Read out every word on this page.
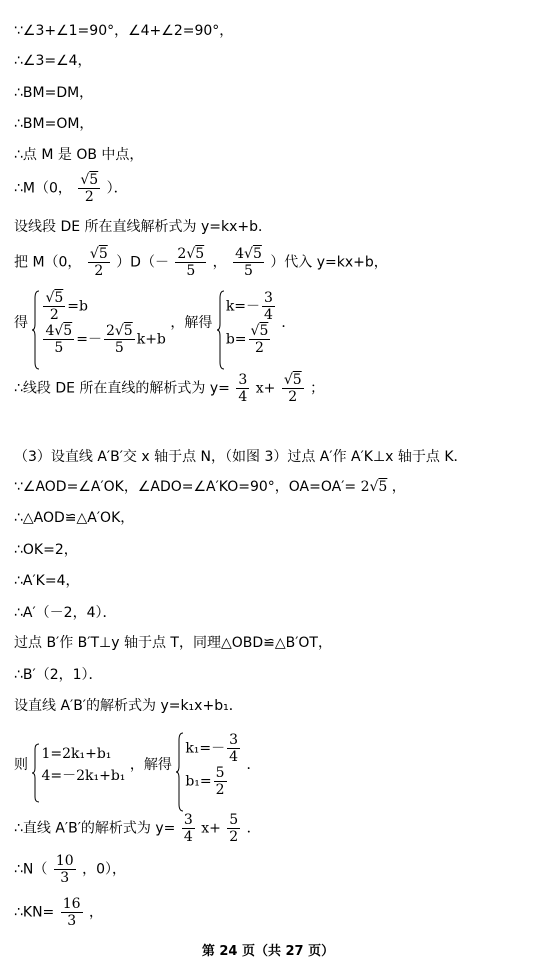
∵∠3+∠1=90°，∠4+∠2=90°，
∴∠3=∠4，
∴BM=DM，
∴BM=OM，
∴点 M 是 OB 中点，
∴M（0， $\frac{√5}{2}$ ）．
设线段 DE 所在直线解析式为 y=kx+b．
把 M（0， $\frac{√5}{2} )D(- \frac{2√5}{5}$ ， $\frac{4√5}{5}$ ）代入 y=kx+b，
得 $\frac{√5}{2} =b$
$\frac{4√5}{5} =- \frac{2√5}{5} k+b$
，解得
$k=- \frac{3}{4}$
$b= \frac{√5}{2}$ ．
∴线段 DE 所在直线的解析式为 $y= \frac{3}{4} x+ \frac{√5}{2}$ ；
（3）设直线 A′B′交 x 轴于点 N，（如图 3）过点 A′作 A′K⊥x 轴于点 K．
∵∠AOD=∠A′OK，∠ADO=∠A′KO=90°，OA=OA′= 2√5 ，
∴△AOD≌△A′OK，
∴OK=2，
∴A′K=4，
∴A′（－2，4）．
过点 B′作 B′T⊥y 轴于点 T，同理△OBD≌△B′OT，
∴B′（2，1）．
设直线 A′B′的解析式为 y=k₁x+b₁．
则
1=2k₁+b₁
4=－2k₁+b₁
，解得
$k_1=- \frac{3}{4}$
$b_1= \frac{5}{2}$ ．
∴直线 A′B′的解析式为 $y= \frac{3}{4} x+ \frac{5}{2}$ ．
∴N（ $\frac{10}{3}$ ，0），
∴KN= $\frac{16}{3}$ ，
第 24 页（共 27 页）
